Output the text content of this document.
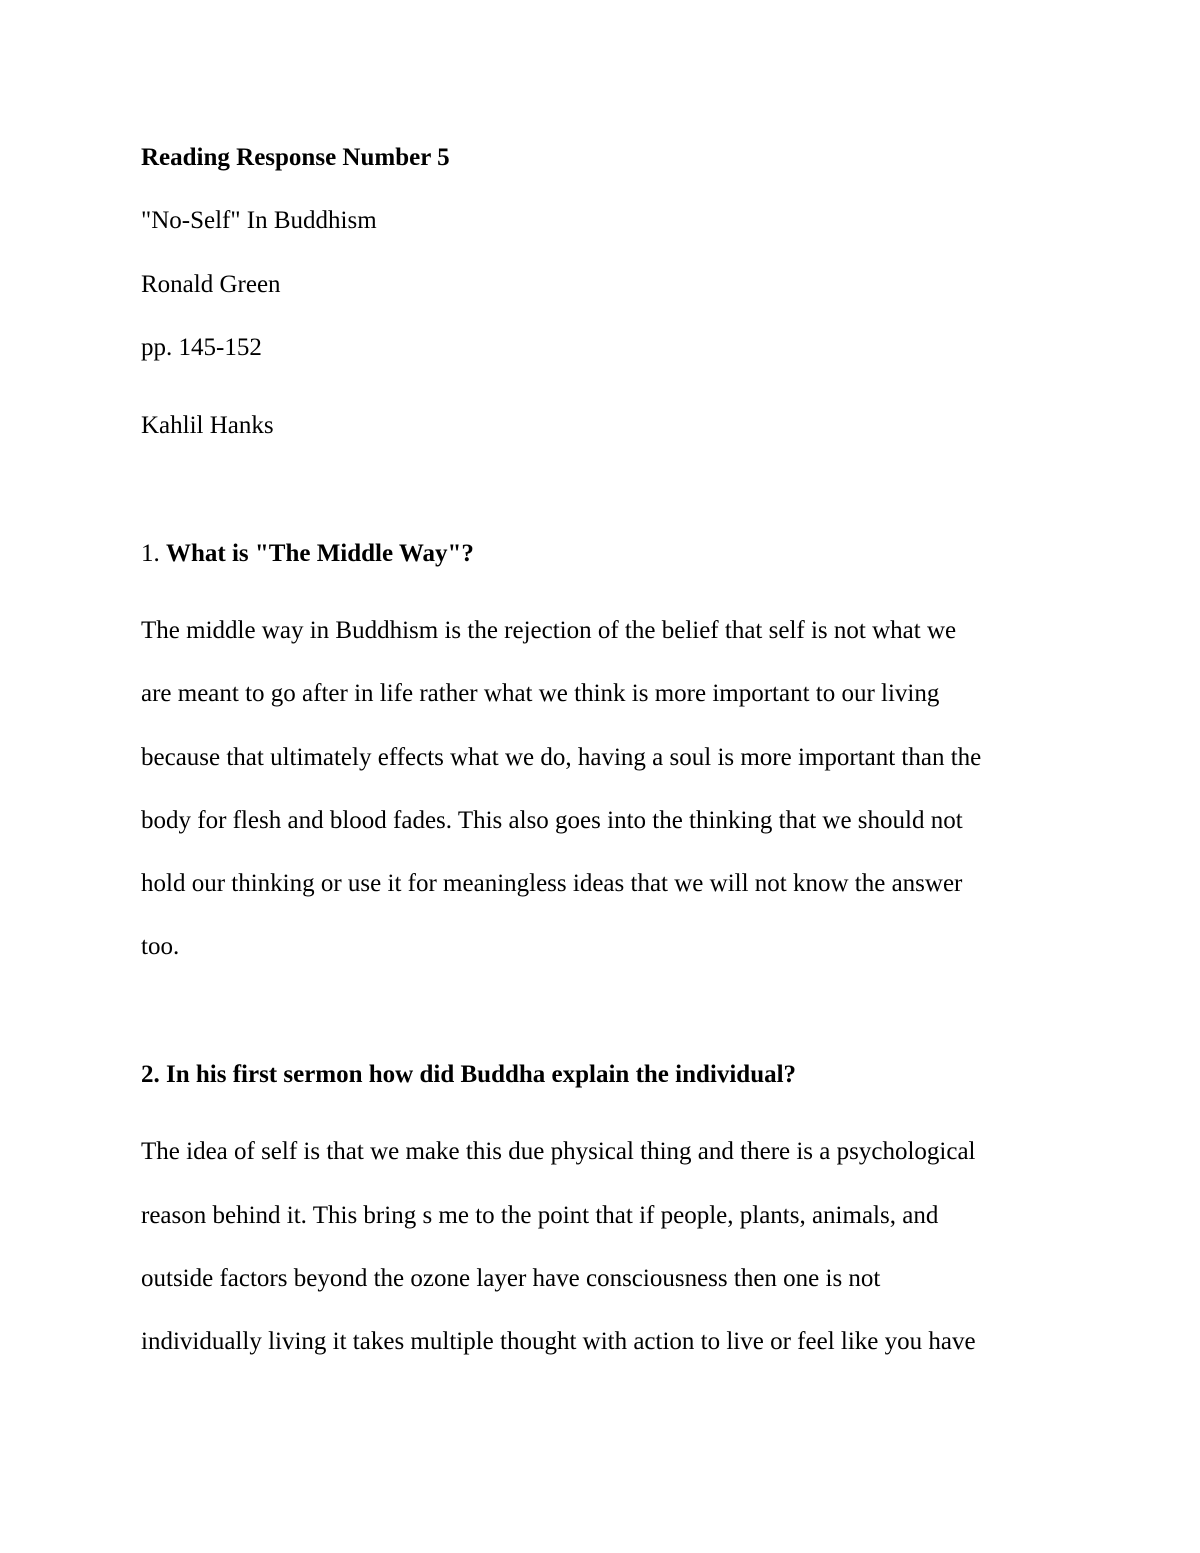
Reading Response Number 5
"No-Self" In Buddhism
Ronald Green
pp. 145-152
Kahlil Hanks
1. What is "The Middle Way"?
The middle way in Buddhism is the rejection of the belief that self is not what we
are meant to go after in life rather what we think is more important to our living
because that ultimately effects what we do, having a soul is more important than the
body for flesh and blood fades. This also goes into the thinking that we should not
hold our thinking or use it for meaningless ideas that we will not know the answer
too.
2. In his first sermon how did Buddha explain the individual?
The idea of self is that we make this due physical thing and there is a psychological
reason behind it. This bring s me to the point that if people, plants, animals, and
outside factors beyond the ozone layer have consciousness then one is not
individually living it takes multiple thought with action to live or feel like you have
